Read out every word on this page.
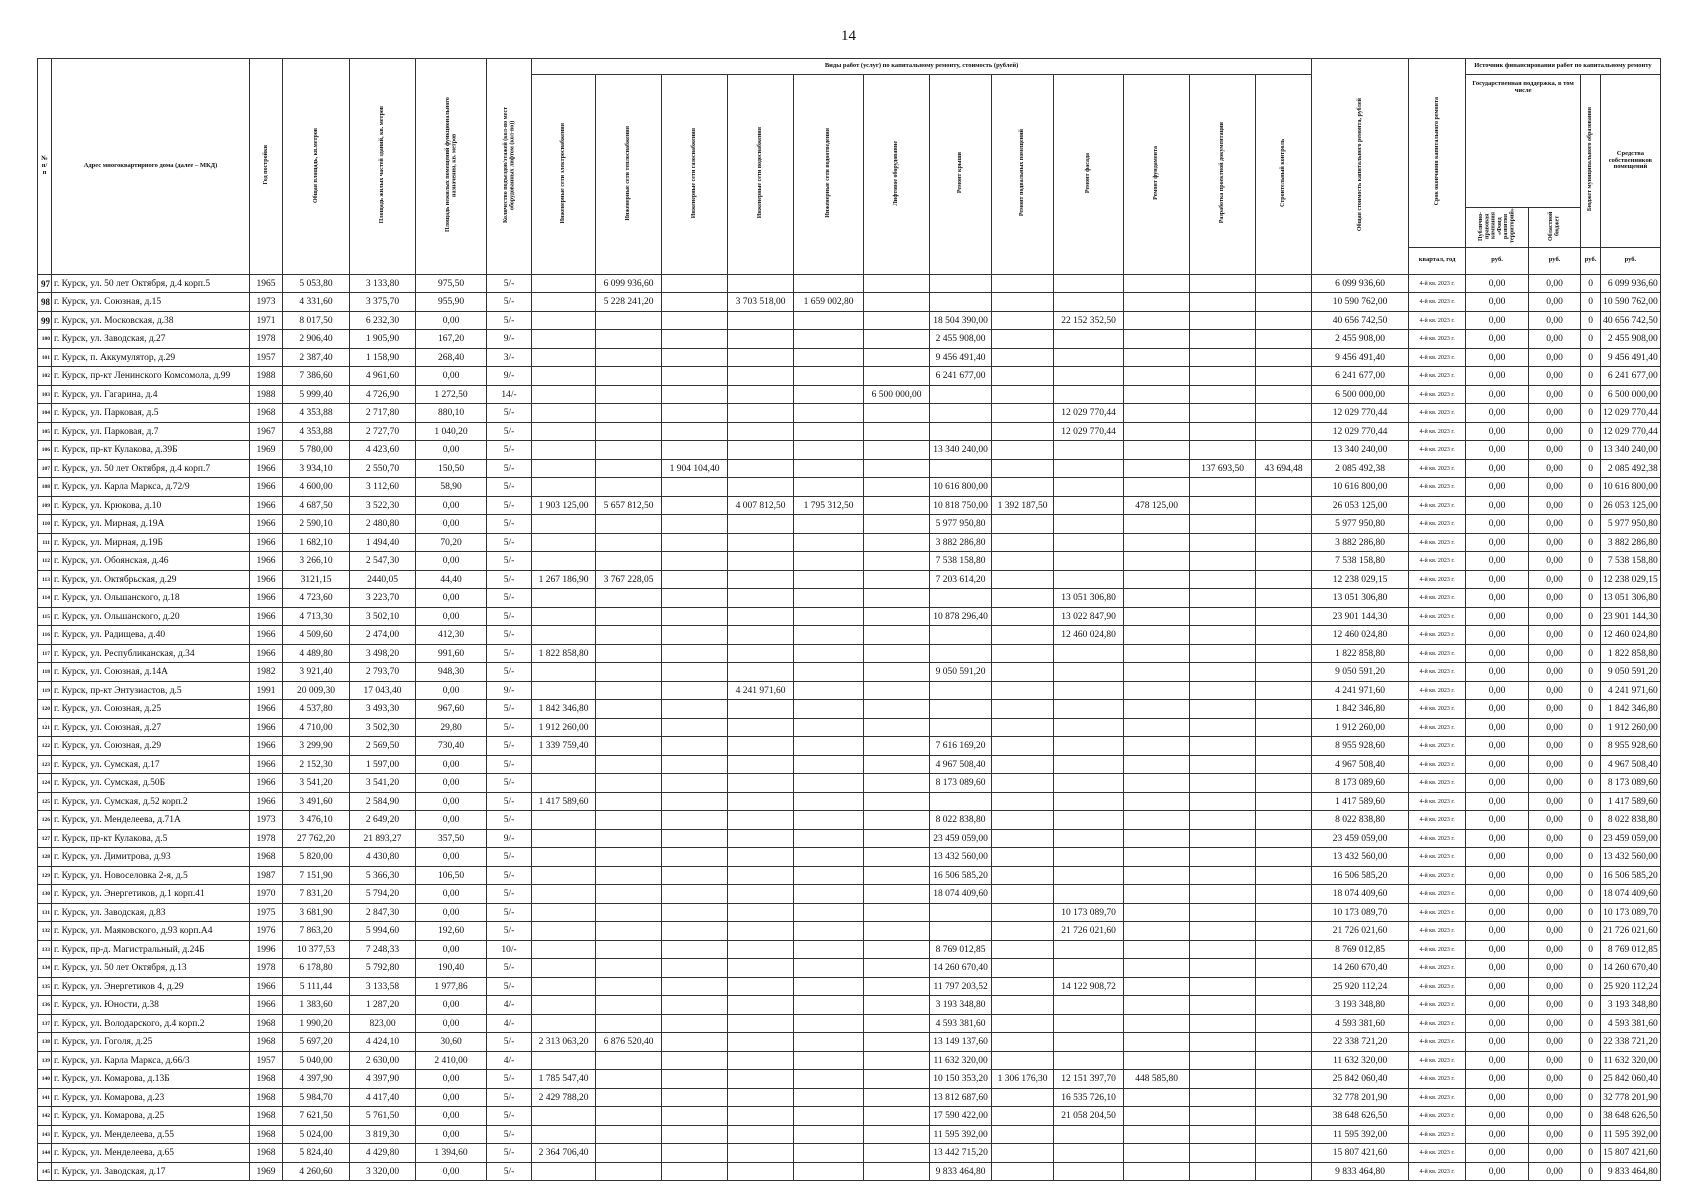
14
№ п/п	Адрес многоквартирного дома (далее – МКД)	Год постройки	Общая площадь, кв.метров	Площадь жилых частей зданий, кв. метров	Площадь нежилых помещений функционального назначения, кв. метров	Количество подъездов/этажей (кол-во мест оборудованных лифтом (кол-во))	Виды работ (услуг) по капитальному ремонту, стоимость (рублей)												Общая стоимость капитального ремонта, рублей	Срок окончания капитального ремонта	Источник финансирования работ по капитальному ремонту			
							Инженерные сети электроснабжения	Инженерные сети теплоснабжения	Инженерные сети газоснабжения	Инженерные сети водоснабжения	Инженерные сети водоотведения	Лифтовое оборудование	Ремонт крыши	Ремонт подвальных помещений	Ремонт фасада	Ремонт фундамента	Разработка проектной документации	Строительный контроль			Государственная поддержка, в том числе		Бюджет муниципального образования	Средства собственников помещений
																					Публично-правовая компания «Фонд развития территорий»	Областной бюджет		
																				квартал, год	руб.	руб.	руб.	руб.
97	г. Курск, ул. 50 лет Октября, д.4 корп.5	1965	5 053,80	3 133,80	975,50	5/-		6 099 936,60											6 099 936,60	4-й кв. 2023 г.	0,00	0,00	0	6 099 936,60
98	г. Курск, ул. Союзная, д.15	1973	4 331,60	3 375,70	955,90	5/-		5 228 241,20		3 703 518,00	1 659 002,80								10 590 762,00	4-й кв. 2023 г.	0,00	0,00	0	10 590 762,00
99	г. Курск, ул. Московская, д.38	1971	8 017,50	6 232,30	0,00	5/-							18 504 390,00		22 152 352,50				40 656 742,50	4-й кв. 2023 г.	0,00	0,00	0	40 656 742,50
100	г. Курск, ул. Заводская, д.27	1978	2 906,40	1 905,90	167,20	9/-							2 455 908,00						2 455 908,00	4-й кв. 2023 г.	0,00	0,00	0	2 455 908,00
101	г. Курск, п. Аккумулятор, д.29	1957	2 387,40	1 158,90	268,40	3/-							9 456 491,40						9 456 491,40	4-й кв. 2023 г.	0,00	0,00	0	9 456 491,40
102	г. Курск, пр-кт Ленинского Комсомола, д.99	1988	7 386,60	4 961,60	0,00	9/-							6 241 677,00						6 241 677,00	4-й кв. 2023 г.	0,00	0,00	0	6 241 677,00
103	г. Курск, ул. Гагарина, д.4	1988	5 999,40	4 726,90	1 272,50	14/-						6 500 000,00							6 500 000,00	4-й кв. 2023 г.	0,00	0,00	0	6 500 000,00
104	г. Курск, ул. Парковая, д.5	1968	4 353,88	2 717,80	880,10	5/-									12 029 770,44				12 029 770,44	4-й кв. 2023 г.	0,00	0,00	0	12 029 770,44
105	г. Курск, ул. Парковая, д.7	1967	4 353,88	2 727,70	1 040,20	5/-									12 029 770,44				12 029 770,44	4-й кв. 2023 г.	0,00	0,00	0	12 029 770,44
106	г. Курск, пр-кт Кулакова, д.39Б	1969	5 780,00	4 423,60	0,00	5/-							13 340 240,00						13 340 240,00	4-й кв. 2023 г.	0,00	0,00	0	13 340 240,00
107	г. Курск, ул. 50 лет Октября, д.4 корп.7	1966	3 934,10	2 550,70	150,50	5/-			1 904 104,40								137 693,50	43 694,48	2 085 492,38	4-й кв. 2023 г.	0,00	0,00	0	2 085 492,38
108	г. Курск, ул. Карла Маркса, д.72/9	1966	4 600,00	3 112,60	58,90	5/-							10 616 800,00						10 616 800,00	4-й кв. 2023 г.	0,00	0,00	0	10 616 800,00
109	г. Курск, ул. Крюкова, д.10	1966	4 687,50	3 522,30	0,00	5/-	1 903 125,00	5 657 812,50		4 007 812,50	1 795 312,50		10 818 750,00	1 392 187,50		478 125,00			26 053 125,00	4-й кв. 2023 г.	0,00	0,00	0	26 053 125,00
110	г. Курск, ул. Мирная, д.19А	1966	2 590,10	2 480,80	0,00	5/-							5 977 950,80						5 977 950,80	4-й кв. 2023 г.	0,00	0,00	0	5 977 950,80
111	г. Курск, ул. Мирная, д.19Б	1966	1 682,10	1 494,40	70,20	5/-							3 882 286,80						3 882 286,80	4-й кв. 2023 г.	0,00	0,00	0	3 882 286,80
112	г. Курск, ул. Обоянская, д.46	1966	3 266,10	2 547,30	0,00	5/-							7 538 158,80						7 538 158,80	4-й кв. 2023 г.	0,00	0,00	0	7 538 158,80
113	г. Курск, ул. Октябрьская, д.29	1966	3121,15	2440,05	44,40	5/-	1 267 186,90	3 767 228,05					7 203 614,20						12 238 029,15	4-й кв. 2023 г.	0,00	0,00	0	12 238 029,15
114	г. Курск, ул. Ольшанского, д.18	1966	4 723,60	3 223,70	0,00	5/-									13 051 306,80				13 051 306,80	4-й кв. 2023 г.	0,00	0,00	0	13 051 306,80
115	г. Курск, ул. Ольшанского, д.20	1966	4 713,30	3 502,10	0,00	5/-							10 878 296,40		13 022 847,90				23 901 144,30	4-й кв. 2023 г.	0,00	0,00	0	23 901 144,30
116	г. Курск, ул. Радищева, д.40	1966	4 509,60	2 474,00	412,30	5/-									12 460 024,80				12 460 024,80	4-й кв. 2023 г.	0,00	0,00	0	12 460 024,80
117	г. Курск, ул. Республиканская, д.34	1966	4 489,80	3 498,20	991,60	5/-	1 822 858,80												1 822 858,80	4-й кв. 2023 г.	0,00	0,00	0	1 822 858,80
118	г. Курск, ул. Союзная, д.14А	1982	3 921,40	2 793,70	948,30	5/-							9 050 591,20						9 050 591,20	4-й кв. 2023 г.	0,00	0,00	0	9 050 591,20
119	г. Курск, пр-кт Энтузиастов, д.5	1991	20 009,30	17 043,40	0,00	9/-				4 241 971,60									4 241 971,60	4-й кв. 2023 г.	0,00	0,00	0	4 241 971,60
120	г. Курск, ул. Союзная, д.25	1966	4 537,80	3 493,30	967,60	5/-	1 842 346,80												1 842 346,80	4-й кв. 2023 г.	0,00	0,00	0	1 842 346,80
121	г. Курск, ул. Союзная, д.27	1966	4 710,00	3 502,30	29,80	5/-	1 912 260,00												1 912 260,00	4-й кв. 2023 г.	0,00	0,00	0	1 912 260,00
122	г. Курск, ул. Союзная, д.29	1966	3 299,90	2 569,50	730,40	5/-	1 339 759,40						7 616 169,20						8 955 928,60	4-й кв. 2023 г.	0,00	0,00	0	8 955 928,60
123	г. Курск, ул. Сумская, д.17	1966	2 152,30	1 597,00	0,00	5/-							4 967 508,40						4 967 508,40	4-й кв. 2023 г.	0,00	0,00	0	4 967 508,40
124	г. Курск, ул. Сумская, д.50Б	1966	3 541,20	3 541,20	0,00	5/-							8 173 089,60						8 173 089,60	4-й кв. 2023 г.	0,00	0,00	0	8 173 089,60
125	г. Курск, ул. Сумская, д.52 корп.2	1966	3 491,60	2 584,90	0,00	5/-	1 417 589,60												1 417 589,60	4-й кв. 2023 г.	0,00	0,00	0	1 417 589,60
126	г. Курск, ул. Менделеева, д.71А	1973	3 476,10	2 649,20	0,00	5/-							8 022 838,80						8 022 838,80	4-й кв. 2023 г.	0,00	0,00	0	8 022 838,80
127	г. Курск, пр-кт Кулакова, д.5	1978	27 762,20	21 893,27	357,50	9/-							23 459 059,00						23 459 059,00	4-й кв. 2023 г.	0,00	0,00	0	23 459 059,00
128	г. Курск, ул. Димитрова, д.93	1968	5 820,00	4 430,80	0,00	5/-							13 432 560,00						13 432 560,00	4-й кв. 2023 г.	0,00	0,00	0	13 432 560,00
129	г. Курск, ул. Новоселовка 2-я, д.5	1987	7 151,90	5 366,30	106,50	5/-							16 506 585,20						16 506 585,20	4-й кв. 2023 г.	0,00	0,00	0	16 506 585,20
130	г. Курск, ул. Энергетиков, д.1 корп.41	1970	7 831,20	5 794,20	0,00	5/-							18 074 409,60						18 074 409,60	4-й кв. 2023 г.	0,00	0,00	0	18 074 409,60
131	г. Курск, ул. Заводская, д.83	1975	3 681,90	2 847,30	0,00	5/-									10 173 089,70				10 173 089,70	4-й кв. 2023 г.	0,00	0,00	0	10 173 089,70
132	г. Курск, ул. Маяковского, д.93 корп.А4	1976	7 863,20	5 994,60	192,60	5/-									21 726 021,60				21 726 021,60	4-й кв. 2023 г.	0,00	0,00	0	21 726 021,60
133	г. Курск, пр-д. Магистральный, д.24Б	1996	10 377,53	7 248,33	0,00	10/-							8 769 012,85						8 769 012,85	4-й кв. 2023 г.	0,00	0,00	0	8 769 012,85
134	г. Курск, ул. 50 лет Октября, д.13	1978	6 178,80	5 792,80	190,40	5/-							14 260 670,40						14 260 670,40	4-й кв. 2023 г.	0,00	0,00	0	14 260 670,40
135	г. Курск, ул. Энергетиков 4, д.29	1966	5 111,44	3 133,58	1 977,86	5/-							11 797 203,52		14 122 908,72				25 920 112,24	4-й кв. 2023 г.	0,00	0,00	0	25 920 112,24
136	г. Курск, ул. Юности, д.38	1966	1 383,60	1 287,20	0,00	4/-							3 193 348,80						3 193 348,80	4-й кв. 2023 г.	0,00	0,00	0	3 193 348,80
137	г. Курск, ул. Володарского, д.4 корп.2	1968	1 990,20	823,00	0,00	4/-							4 593 381,60						4 593 381,60	4-й кв. 2023 г.	0,00	0,00	0	4 593 381,60
138	г. Курск, ул. Гоголя, д.25	1968	5 697,20	4 424,10	30,60	5/-	2 313 063,20	6 876 520,40					13 149 137,60						22 338 721,20	4-й кв. 2023 г.	0,00	0,00	0	22 338 721,20
139	г. Курск, ул. Карла Маркса, д.66/3	1957	5 040,00	2 630,00	2 410,00	4/-							11 632 320,00						11 632 320,00	4-й кв. 2023 г.	0,00	0,00	0	11 632 320,00
140	г. Курск, ул. Комарова, д.13Б	1968	4 397,90	4 397,90	0,00	5/-	1 785 547,40						10 150 353,20	1 306 176,30	12 151 397,70	448 585,80			25 842 060,40	4-й кв. 2023 г.	0,00	0,00	0	25 842 060,40
141	г. Курск, ул. Комарова, д.23	1968	5 984,70	4 417,40	0,00	5/-	2 429 788,20						13 812 687,60		16 535 726,10				32 778 201,90	4-й кв. 2023 г.	0,00	0,00	0	32 778 201,90
142	г. Курск, ул. Комарова, д.25	1968	7 621,50	5 761,50	0,00	5/-							17 590 422,00		21 058 204,50				38 648 626,50	4-й кв. 2023 г.	0,00	0,00	0	38 648 626,50
143	г. Курск, ул. Менделеева, д.55	1968	5 024,00	3 819,30	0,00	5/-							11 595 392,00						11 595 392,00	4-й кв. 2023 г.	0,00	0,00	0	11 595 392,00
144	г. Курск, ул. Менделеева, д.65	1968	5 824,40	4 429,80	1 394,60	5/-	2 364 706,40						13 442 715,20						15 807 421,60	4-й кв. 2023 г.	0,00	0,00	0	15 807 421,60
145	г. Курск, ул. Заводская, д.17	1969	4 260,60	3 320,00	0,00	5/-							9 833 464,80						9 833 464,80	4-й кв. 2023 г.	0,00	0,00	0	9 833 464,80
